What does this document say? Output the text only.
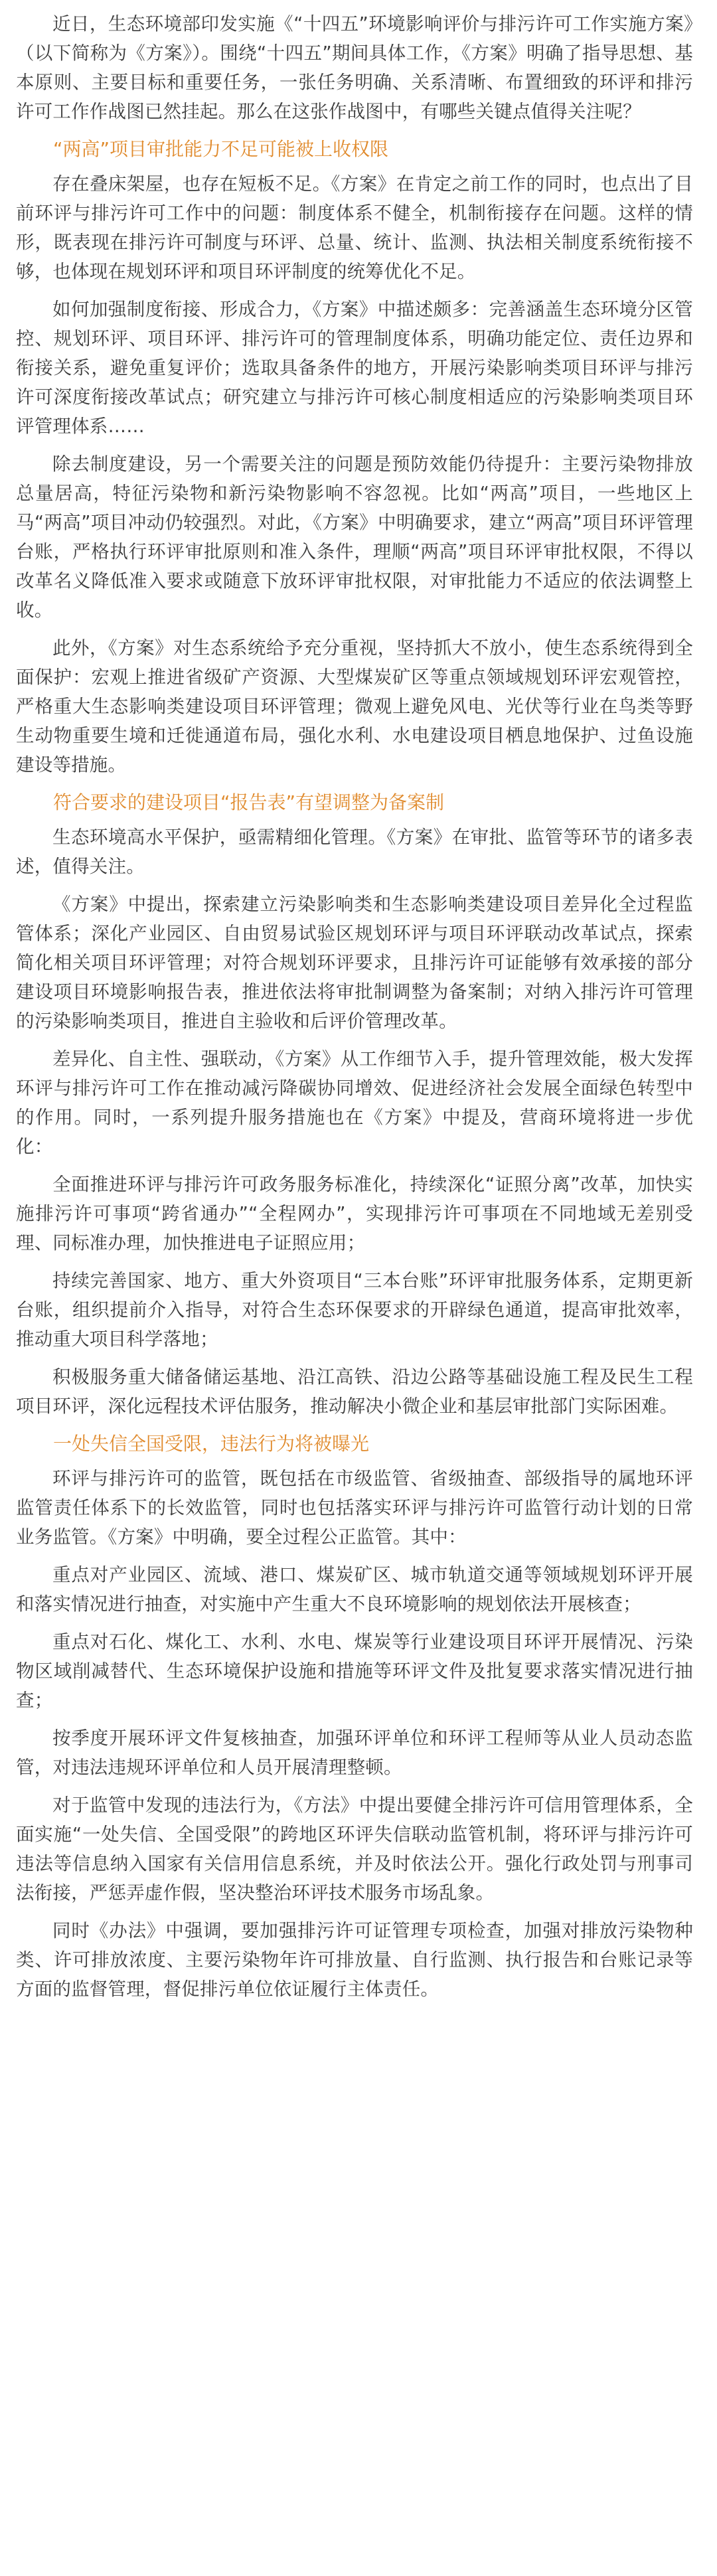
近日，生态环境部印发实施《“十四五”环境影响评价与排污许可工作实施方案》（以下简称为《方案》）。围绕“十四五”期间具体工作，《方案》明确了指导思想、基本原则、主要目标和重要任务，一张任务明确、关系清晰、布置细致的环评和排污许可工作作战图已然挂起。那么在这张作战图中，有哪些关键点值得关注呢？

“两高”项目审批能力不足可能被上收权限

存在叠床架屋，也存在短板不足。《方案》在肯定之前工作的同时，也点出了目前环评与排污许可工作中的问题：制度体系不健全，机制衔接存在问题。这样的情形，既表现在排污许可制度与环评、总量、统计、监测、执法相关制度系统衔接不够，也体现在规划环评和项目环评制度的统筹优化不足。

如何加强制度衔接、形成合力，《方案》中描述颇多：完善涵盖生态环境分区管控、规划环评、项目环评、排污许可的管理制度体系，明确功能定位、责任边界和衔接关系，避免重复评价；选取具备条件的地方，开展污染影响类项目环评与排污许可深度衔接改革试点；研究建立与排污许可核心制度相适应的污染影响类项目环评管理体系……

除去制度建设，另一个需要关注的问题是预防效能仍待提升：主要污染物排放总量居高，特征污染物和新污染物影响不容忽视。比如“两高”项目，一些地区上马“两高”项目冲动仍较强烈。对此，《方案》中明确要求，建立“两高”项目环评管理台账，严格执行环评审批原则和准入条件，理顺“两高”项目环评审批权限，不得以改革名义降低准入要求或随意下放环评审批权限，对审批能力不适应的依法调整上收。

此外，《方案》对生态系统给予充分重视，坚持抓大不放小，使生态系统得到全面保护：宏观上推进省级矿产资源、大型煤炭矿区等重点领域规划环评宏观管控，严格重大生态影响类建设项目环评管理；微观上避免风电、光伏等行业在鸟类等野生动物重要生境和迁徙通道布局，强化水利、水电建设项目栖息地保护、过鱼设施建设等措施。

符合要求的建设项目“报告表”有望调整为备案制

生态环境高水平保护，亟需精细化管理。《方案》在审批、监管等环节的诸多表述，值得关注。

《方案》中提出，探索建立污染影响类和生态影响类建设项目差异化全过程监管体系；深化产业园区、自由贸易试验区规划环评与项目环评联动改革试点，探索简化相关项目环评管理；对符合规划环评要求，且排污许可证能够有效承接的部分建设项目环境影响报告表，推进依法将审批制调整为备案制；对纳入排污许可管理的污染影响类项目，推进自主验收和后评价管理改革。

差异化、自主性、强联动，《方案》从工作细节入手，提升管理效能，极大发挥环评与排污许可工作在推动减污降碳协同增效、促进经济社会发展全面绿色转型中的作用。同时，一系列提升服务措施也在《方案》中提及，营商环境将进一步优化：

全面推进环评与排污许可政务服务标准化，持续深化“证照分离”改革，加快实施排污许可事项“跨省通办”“全程网办”，实现排污许可事项在不同地域无差别受理、同标准办理，加快推进电子证照应用；

持续完善国家、地方、重大外资项目“三本台账”环评审批服务体系，定期更新台账，组织提前介入指导，对符合生态环保要求的开辟绿色通道，提高审批效率，推动重大项目科学落地；

积极服务重大储备储运基地、沿江高铁、沿边公路等基础设施工程及民生工程项目环评，深化远程技术评估服务，推动解决小微企业和基层审批部门实际困难。

一处失信全国受限，违法行为将被曝光

环评与排污许可的监管，既包括在市级监管、省级抽查、部级指导的属地环评监管责任体系下的长效监管，同时也包括落实环评与排污许可监管行动计划的日常业务监管。《方案》中明确，要全过程公正监管。其中：

重点对产业园区、流域、港口、煤炭矿区、城市轨道交通等领域规划环评开展和落实情况进行抽查，对实施中产生重大不良环境影响的规划依法开展核查；

重点对石化、煤化工、水利、水电、煤炭等行业建设项目环评开展情况、污染物区域削减替代、生态环境保护设施和措施等环评文件及批复要求落实情况进行抽查；

按季度开展环评文件复核抽查，加强环评单位和环评工程师等从业人员动态监管，对违法违规环评单位和人员开展清理整顿。

对于监管中发现的违法行为，《方法》中提出要健全排污许可信用管理体系，全面实施“一处失信、全国受限”的跨地区环评失信联动监管机制，将环评与排污许可违法等信息纳入国家有关信用信息系统，并及时依法公开。强化行政处罚与刑事司法衔接，严惩弄虚作假，坚决整治环评技术服务市场乱象。

同时《办法》中强调，要加强排污许可证管理专项检查，加强对排放污染物种类、许可排放浓度、主要污染物年许可排放量、自行监测、执行报告和台账记录等方面的监督管理，督促排污单位依证履行主体责任。
